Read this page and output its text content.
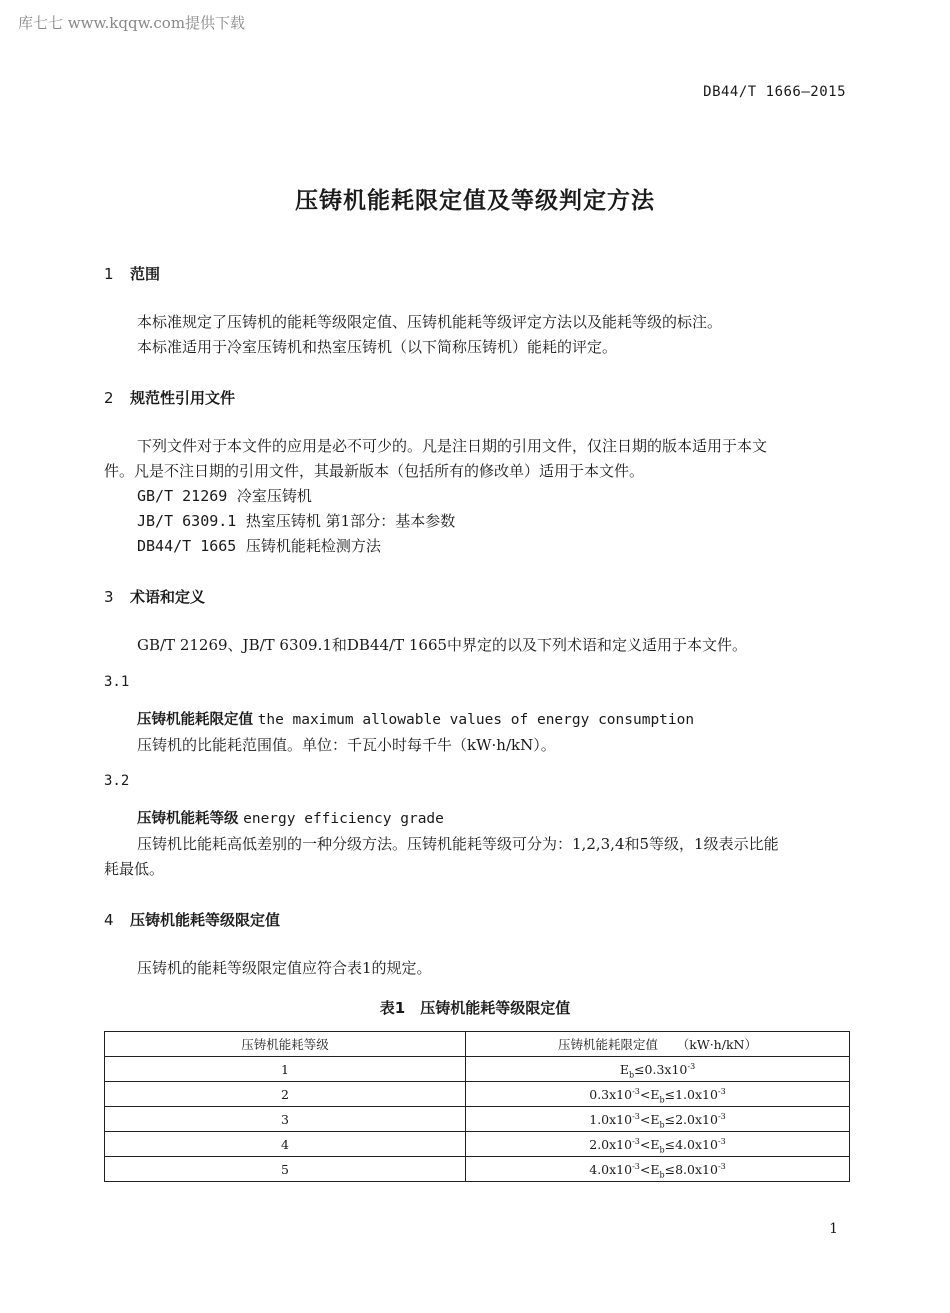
库七七 www.kqqw.com提供下载
DB44/T 1666—2015
压铸机能耗限定值及等级判定方法
1 范围
本标准规定了压铸机的能耗等级限定值、压铸机能耗等级评定方法以及能耗等级的标注。
本标准适用于冷室压铸机和热室压铸机（以下简称压铸机）能耗的评定。
2 规范性引用文件
下列文件对于本文件的应用是必不可少的。凡是注日期的引用文件，仅注日期的版本适用于本文
件。凡是不注日期的引用文件，其最新版本（包括所有的修改单）适用于本文件。
GB/T 21269 冷室压铸机
JB/T 6309.1 热室压铸机 第1部分：基本参数
DB44/T 1665 压铸机能耗检测方法
3 术语和定义
GB/T 21269、JB/T 6309.1和DB44/T 1665中界定的以及下列术语和定义适用于本文件。
3.1
压铸机能耗限定值 the maximum allowable values of energy consumption
压铸机的比能耗范围值。单位：千瓦小时每千牛（kW·h/kN）。
3.2
压铸机能耗等级 energy efficiency grade
压铸机比能耗高低差别的一种分级方法。压铸机能耗等级可分为：1,2,3,4和5等级，1级表示比能
耗最低。
4 压铸机能耗等级限定值
压铸机的能耗等级限定值应符合表1的规定。
表1　压铸机能耗等级限定值
压铸机能耗等级	压铸机能耗限定值　　（kW·h/kN）
1	$E_b\le 0.3x10^{-3}$
2	$0.3x10^{-3}<E_b\le 1.0x10^{-3}$
3	$1.0x10^{-3}<E_b\le 2.0x10^{-3}$
4	$2.0x10^{-3}<E_b\le 4.0x10^{-3}$
5	$4.0x10^{-3}<E_b\le 8.0x10^{-3}$
1
